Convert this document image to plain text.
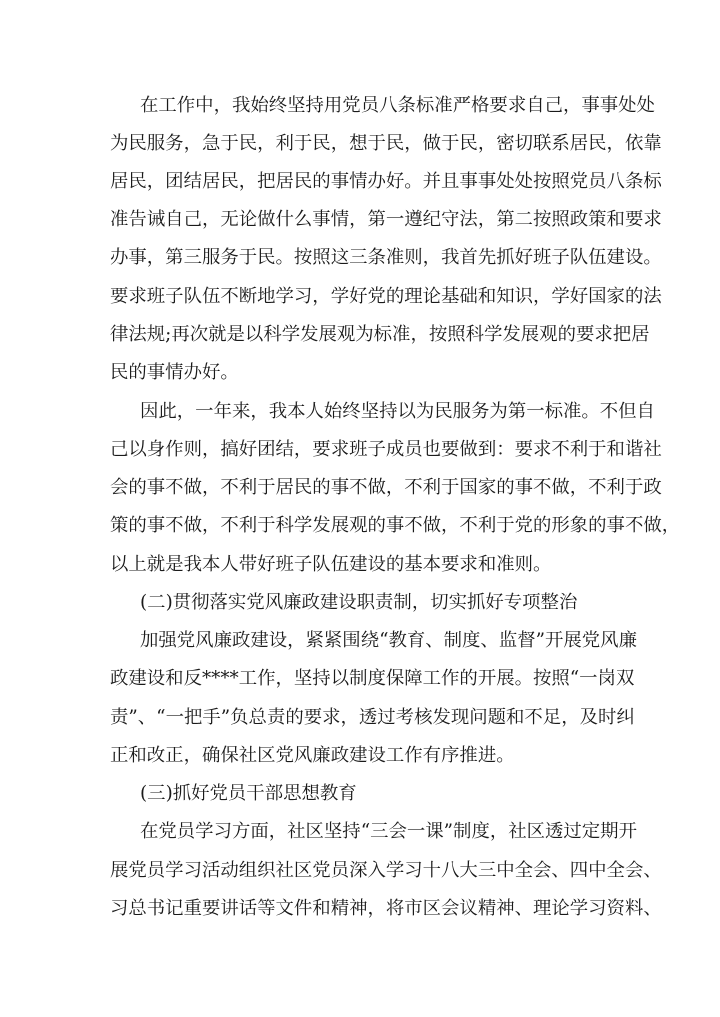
在工作中，我始终坚持用党员八条标准严格要求自己，事事处处
为民服务，急于民，利于民，想于民，做于民，密切联系居民，依靠
居民，团结居民，把居民的事情办好。并且事事处处按照党员八条标
准告诫自己，无论做什么事情，第一遵纪守法，第二按照政策和要求
办事，第三服务于民。按照这三条准则，我首先抓好班子队伍建设。
要求班子队伍不断地学习，学好党的理论基础和知识，学好国家的法
律法规;再次就是以科学发展观为标准，按照科学发展观的要求把居
民的事情办好。
因此，一年来，我本人始终坚持以为民服务为第一标准。不但自
己以身作则，搞好团结，要求班子成员也要做到：要求不利于和谐社
会的事不做，不利于居民的事不做，不利于国家的事不做，不利于政
策的事不做，不利于科学发展观的事不做，不利于党的形象的事不做，
以上就是我本人带好班子队伍建设的基本要求和准则。
(二)贯彻落实党风廉政建设职责制，切实抓好专项整治
加强党风廉政建设，紧紧围绕“教育、制度、监督”开展党风廉
政建设和反****工作，坚持以制度保障工作的开展。按照“一岗双
责”、“一把手”负总责的要求，透过考核发现问题和不足，及时纠
正和改正，确保社区党风廉政建设工作有序推进。
(三)抓好党员干部思想教育
在党员学习方面，社区坚持“三会一课”制度，社区透过定期开
展党员学习活动组织社区党员深入学习十八大三中全会、四中全会、
习总书记重要讲话等文件和精神，将市区会议精神、理论学习资料、
